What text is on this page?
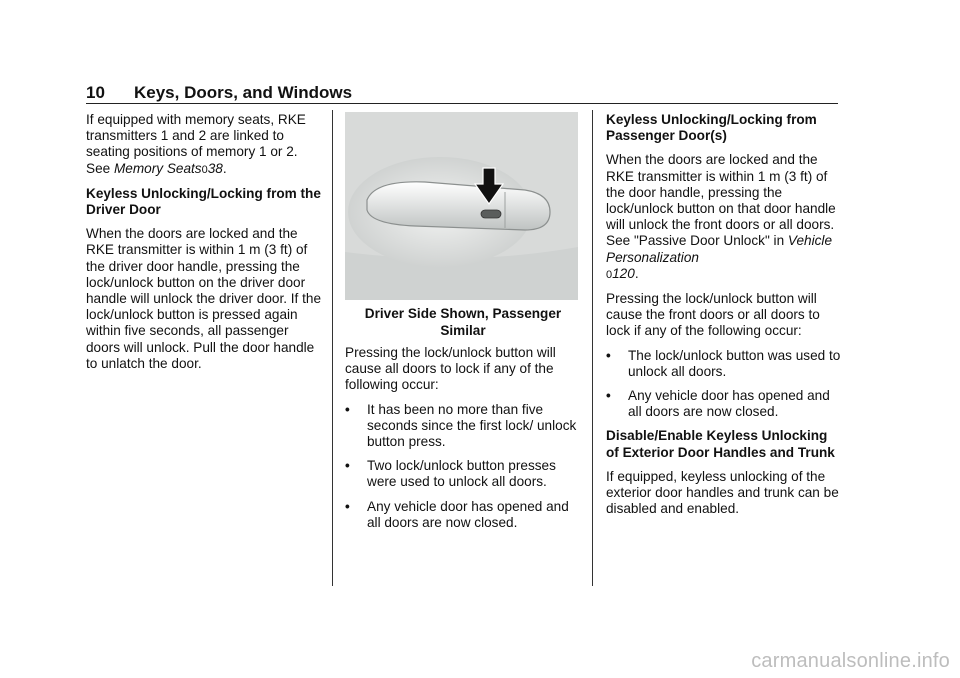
10 Keys, Doors, and Windows

If equipped with memory seats, RKE transmitters 1 and 2 are linked to seating positions of memory 1 or 2. See Memory Seats038.

Keyless Unlocking/Locking from the Driver Door

When the doors are locked and the RKE transmitter is within 1 m (3 ft) of the driver door handle, pressing the lock/unlock button on the driver door handle will unlock the driver door. If the lock/unlock button is pressed again within five seconds, all passenger doors will unlock. Pull the door handle to unlatch the door.

Driver Side Shown, Passenger Similar

Pressing the lock/unlock button will cause all doors to lock if any of the following occur:

•	It has been no more than five seconds since the first lock/ unlock button press.
•	Two lock/unlock button presses were used to unlock all doors.
•	Any vehicle door has opened and all doors are now closed.
Keyless Unlocking/Locking from Passenger Door(s)

When the doors are locked and the RKE transmitter is within 1 m (3 ft) of the door handle, pressing the lock/unlock button on that door handle will unlock the front doors or all doors. See "Passive Door Unlock" in Vehicle Personalization
0120.

Pressing the lock/unlock button will cause the front doors or all doors to lock if any of the following occur:

•	The lock/unlock button was used to unlock all doors.
•	Any vehicle door has opened and all doors are now closed.
Disable/Enable Keyless Unlocking of Exterior Door Handles and Trunk

If equipped, keyless unlocking of the exterior door handles and trunk can be disabled and enabled.

carmanualsonline.info
